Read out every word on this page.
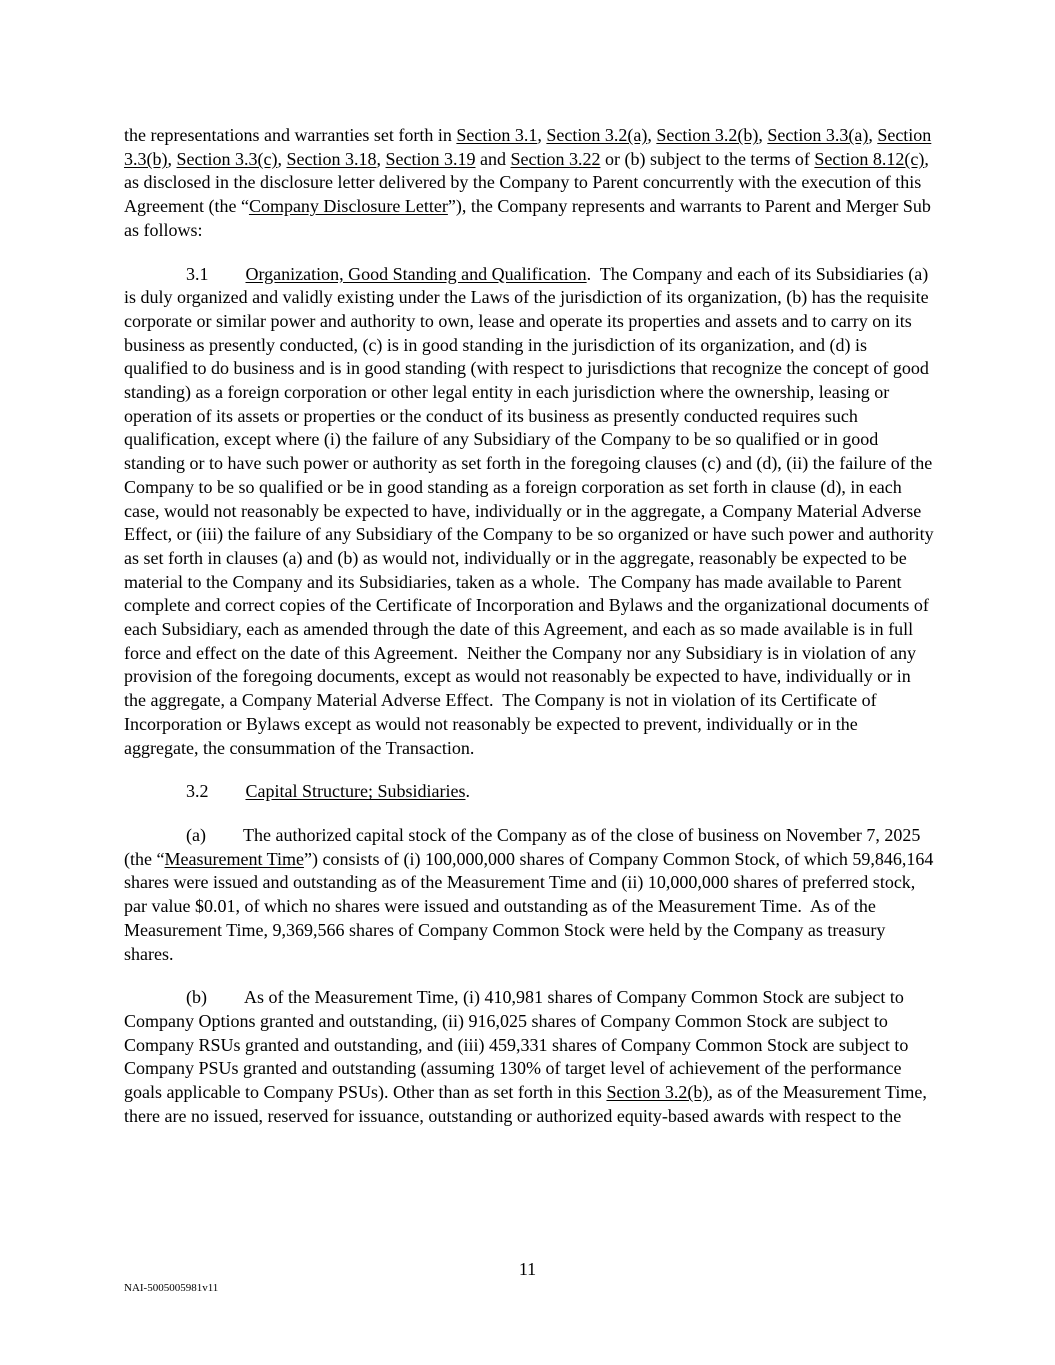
the representations and warranties set forth in Section 3.1, Section 3.2(a), Section 3.2(b), Section 3.3(a), Section 3.3(b), Section 3.3(c), Section 3.18, Section 3.19 and Section 3.22 or (b) subject to the terms of Section 8.12(c), as disclosed in the disclosure letter delivered by the Company to Parent concurrently with the execution of this Agreement (the “Company Disclosure Letter”), the Company represents and warrants to Parent and Merger Sub as follows:

3.1 Organization, Good Standing and Qualification.  The Company and each of its Subsidiaries (a) is duly organized and validly existing under the Laws of the jurisdiction of its organization, (b) has the requisite corporate or similar power and authority to own, lease and operate its properties and assets and to carry on its business as presently conducted, (c) is in good standing in the jurisdiction of its organization, and (d) is qualified to do business and is in good standing (with respect to jurisdictions that recognize the concept of good standing) as a foreign corporation or other legal entity in each jurisdiction where the ownership, leasing or operation of its assets or properties or the conduct of its business as presently conducted requires such qualification, except where (i) the failure of any Subsidiary of the Company to be so qualified or in good standing or to have such power or authority as set forth in the foregoing clauses (c) and (d), (ii) the failure of the Company to be so qualified or be in good standing as a foreign corporation as set forth in clause (d), in each case, would not reasonably be expected to have, individually or in the aggregate, a Company Material Adverse Effect, or (iii) the failure of any Subsidiary of the Company to be so organized or have such power and authority as set forth in clauses (a) and (b) as would not, individually or in the aggregate, reasonably be expected to be material to the Company and its Subsidiaries, taken as a whole.  The Company has made available to Parent complete and correct copies of the Certificate of Incorporation and Bylaws and the organizational documents of each Subsidiary, each as amended through the date of this Agreement, and each as so made available is in full force and effect on the date of this Agreement.  Neither the Company nor any Subsidiary is in violation of any provision of the foregoing documents, except as would not reasonably be expected to have, individually or in the aggregate, a Company Material Adverse Effect.  The Company is not in violation of its Certificate of Incorporation or Bylaws except as would not reasonably be expected to prevent, individually or in the aggregate, the consummation of the Transaction.

3.2 Capital Structure; Subsidiaries.

(a) The authorized capital stock of the Company as of the close of business on November 7, 2025 (the “Measurement Time”) consists of (i) 100,000,000 shares of Company Common Stock, of which 59,846,164 shares were issued and outstanding as of the Measurement Time and (ii) 10,000,000 shares of preferred stock, par value $0.01, of which no shares were issued and outstanding as of the Measurement Time.  As of the Measurement Time, 9,369,566 shares of Company Common Stock were held by the Company as treasury shares.

(b) As of the Measurement Time, (i) 410,981 shares of Company Common Stock are subject to Company Options granted and outstanding, (ii) 916,025 shares of Company Common Stock are subject to Company RSUs granted and outstanding, and (iii) 459,331 shares of Company Common Stock are subject to Company PSUs granted and outstanding (assuming 130% of target level of achievement of the performance goals applicable to Company PSUs). Other than as set forth in this Section 3.2(b), as of the Measurement Time, there are no issued, reserved for issuance, outstanding or authorized equity-based awards with respect to the

11
NAI-5005005981v11
